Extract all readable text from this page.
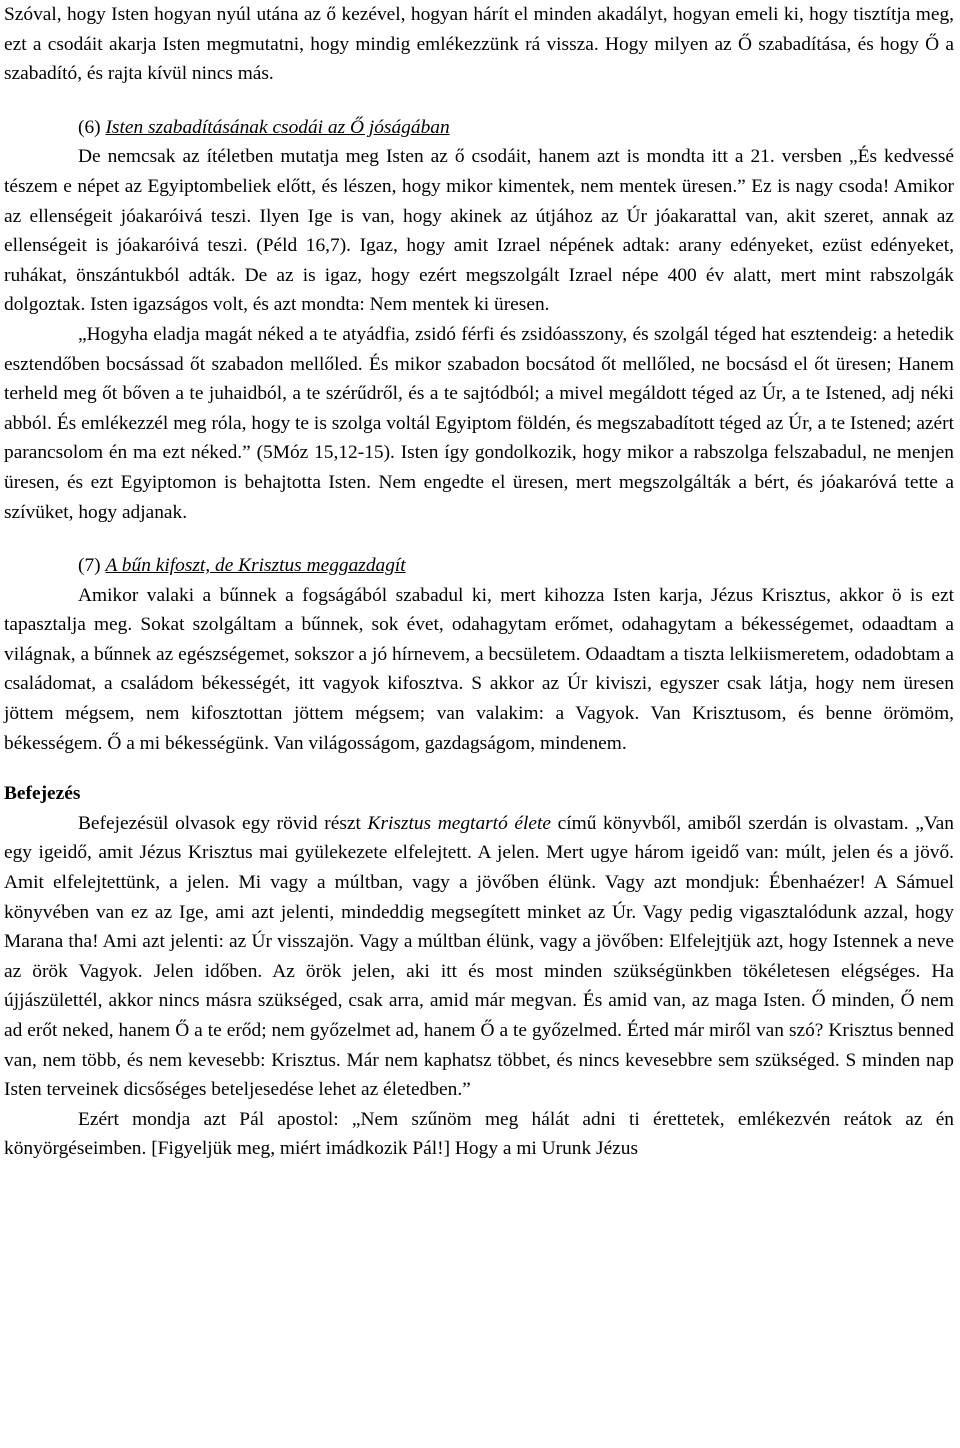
Szóval, hogy Isten hogyan nyúl utána az ő kezével, hogyan hárít el minden akadályt, hogyan emeli ki, hogy tisztítja meg, ezt a csodáit akarja Isten megmutatni, hogy mindig emlékezzünk rá vissza. Hogy milyen az Ő szabadítása, és hogy Ő a szabadító, és rajta kívül nincs más.

(6) Isten szabadításának csodái az Ő jóságában

De nemcsak az ítéletben mutatja meg Isten az ő csodáit, hanem azt is mondta itt a 21. versben „És kedvessé tészem e népet az Egyiptombeliek előtt, és lészen, hogy mikor kimentek, nem mentek üresen.” Ez is nagy csoda! Amikor az ellenségeit jóakaróivá teszi. Ilyen Ige is van, hogy akinek az útjához az Úr jóakarattal van, akit szeret, annak az ellenségeit is jóakaróivá teszi. (Péld 16,7). Igaz, hogy amit Izrael népének adtak: arany edényeket, ezüst edényeket, ruhákat, önszántukból adták. De az is igaz, hogy ezért megszolgált Izrael népe 400 év alatt, mert mint rabszolgák dolgoztak. Isten igazságos volt, és azt mondta: Nem mentek ki üresen.

„Hogyha eladja magát néked a te atyádfia, zsidó férfi és zsidóasszony, és szolgál téged hat esztendeig: a hetedik esztendőben bocsássad őt szabadon mellőled. És mikor szabadon bocsátod őt mellőled, ne bocsásd el őt üresen; Hanem terheld meg őt bőven a te juhaidból, a te szérűdről, és a te sajtódból; a mivel megáldott téged az Úr, a te Istened, adj néki abból. És emlékezzél meg róla, hogy te is szolga voltál Egyiptom földén, és megszabadított téged az Úr, a te Istened; azért parancsolom én ma ezt néked.” (5Móz 15,12-15). Isten így gondolkozik, hogy mikor a rabszolga felszabadul, ne menjen üresen, és ezt Egyiptomon is behajtotta Isten. Nem engedte el üresen, mert megszolgálták a bért, és jóakaróvá tette a szívüket, hogy adjanak.

(7) A bűn kifoszt, de Krisztus meggazdagít

Amikor valaki a bűnnek a fogságából szabadul ki, mert kihozza Isten karja, Jézus Krisztus, akkor ö is ezt tapasztalja meg. Sokat szolgáltam a bűnnek, sok évet, odahagytam erőmet, odahagytam a békességemet, odaadtam a világnak, a bűnnek az egészségemet, sokszor a jó hírnevem, a becsületem. Odaadtam a tiszta lelkiismeretem, odadobtam a családomat, a családom békességét, itt vagyok kifosztva. S akkor az Úr kiviszi, egyszer csak látja, hogy nem üresen jöttem mégsem, nem kifosztottan jöttem mégsem; van valakim: a Vagyok. Van Krisztusom, és benne örömöm, békességem. Ő a mi békességünk. Van világosságom, gazdagságom, mindenem.

Befejezés

Befejezésül olvasok egy rövid részt Krisztus megtartó élete című könyvből, amiből szerdán is olvastam. „Van egy igeidő, amit Jézus Krisztus mai gyülekezete elfelejtett. A jelen. Mert ugye három igeidő van: múlt, jelen és a jövő. Amit elfelejtettünk, a jelen. Mi vagy a múltban, vagy a jövőben élünk. Vagy azt mondjuk: Ébenhaézer! A Sámuel könyvében van ez az Ige, ami azt jelenti, mindeddig megsegített minket az Úr. Vagy pedig vigasztalódunk azzal, hogy Marana tha! Ami azt jelenti: az Úr visszajön. Vagy a múltban élünk, vagy a jövőben: Elfelejtjük azt, hogy Istennek a neve az örök Vagyok. Jelen időben. Az örök jelen, aki itt és most minden szükségünkben tökéletesen elégséges. Ha újjászülettél, akkor nincs másra szükséged, csak arra, amid már megvan. És amid van, az maga Isten. Ő minden, Ő nem ad erőt neked, hanem Ő a te erőd; nem győzelmet ad, hanem Ő a te győzelmed. Érted már miről van szó? Krisztus benned van, nem több, és nem kevesebb: Krisztus. Már nem kaphatsz többet, és nincs kevesebbre sem szükséged. S minden nap Isten terveinek dicsőséges beteljesedése lehet az életedben.”

Ezért mondja azt Pál apostol: „Nem szűnöm meg hálát adni ti érettetek, emlékezvén reátok az én könyörgéseimben. [Figyeljük meg, miért imádkozik Pál!] Hogy a mi Urunk Jézus
